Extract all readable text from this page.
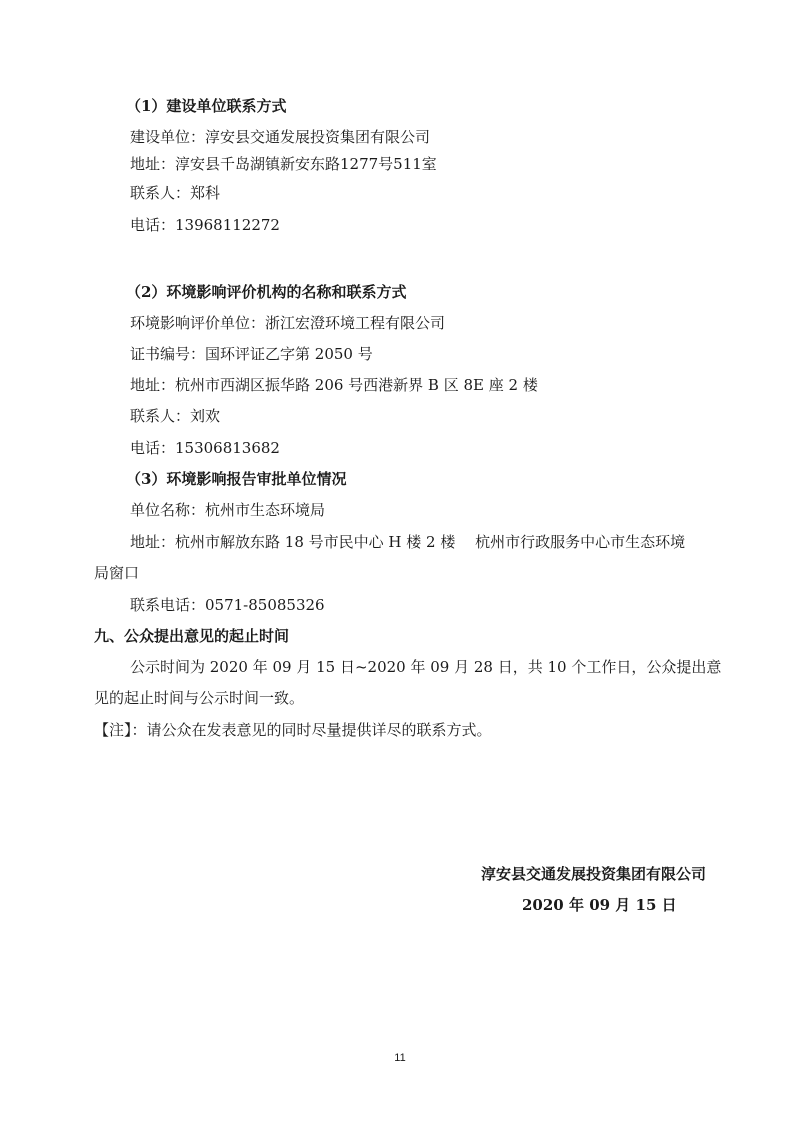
（1）建设单位联系方式
建设单位：淳安县交通发展投资集团有限公司
地址：淳安县千岛湖镇新安东路1277号511室
联系人：郑科
电话：13968112272
（2）环境影响评价机构的名称和联系方式
环境影响评价单位：浙江宏澄环境工程有限公司
证书编号：国环评证乙字第 2050 号
地址：杭州市西湖区振华路 206 号西港新界 B 区 8E 座 2 楼
联系人：刘欢
电话：15306813682
（3）环境影响报告审批单位情况
单位名称：杭州市生态环境局
地址：杭州市解放东路 18 号市民中心 H 楼 2 楼　 杭州市行政服务中心市生态环境
局窗口
联系电话：0571-85085326
九、公众提出意见的起止时间
公示时间为 2020 年 09 月 15 日~2020 年 09 月 28 日，共 10 个工作日，公众提出意
见的起止时间与公示时间一致。
【注】：请公众在发表意见的同时尽量提供详尽的联系方式。
淳安县交通发展投资集团有限公司
2020 年 09 月 15 日
11
